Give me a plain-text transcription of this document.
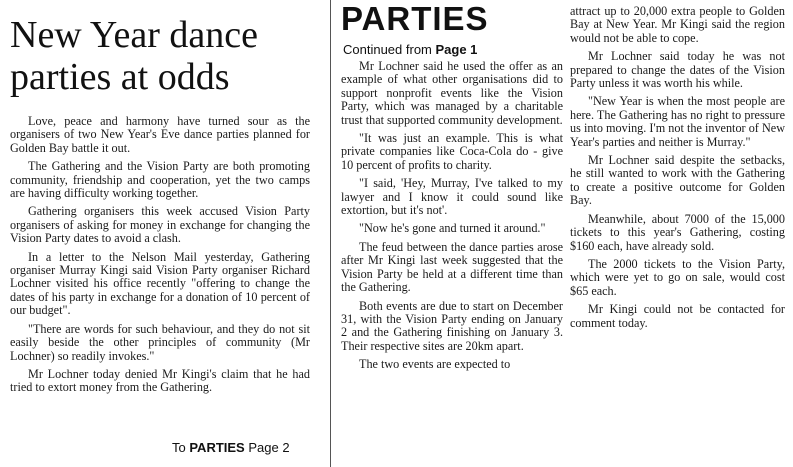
New Year dance
parties at odds

Love, peace and harmony have turned sour as the organisers of two New Year's Eve dance parties planned for Golden Bay battle it out.

The Gathering and the Vision Party are both promoting community, friendship and cooperation, yet the two camps are having difficulty working together.

Gathering organisers this week accused Vision Party organisers of asking for money in exchange for changing the Vision Party dates to avoid a clash.

In a letter to the Nelson Mail yesterday, Gathering organiser Murray Kingi said Vision Party organiser Richard Lochner visited his office recently "offering to change the dates of his party in exchange for a donation of 10 percent of our budget".

"There are words for such behaviour, and they do not sit easily beside the other principles of community (Mr Lochner) so readily invokes."

Mr Lochner today denied Mr Kingi's claim that he had tried to extort money from the Gathering.

To PARTIES Page 2
PARTIES
Continued from Page 1

Mr Lochner said he used the offer as an example of what other organisations did to support nonprofit events like the Vision Party, which was managed by a charitable trust that supported community development.

"It was just an example. This is what private companies like Coca-Cola do - give 10 percent of profits to charity.

"I said, 'Hey, Murray, I've talked to my lawyer and I know it could sound like extortion, but it's not'.

"Now he's gone and turned it around."

The feud between the dance parties arose after Mr Kingi last week suggested that the Vision Party be held at a different time than the Gathering.

Both events are due to start on December 31, with the Vision Party ending on January 2 and the Gathering finishing on January 3. Their respective sites are 20km apart.

The two events are expected to

attract up to 20,000 extra people to Golden Bay at New Year. Mr Kingi said the region would not be able to cope.

Mr Lochner said today he was not prepared to change the dates of the Vision Party unless it was worth his while.

"New Year is when the most people are here. The Gathering has no right to pressure us into moving. I'm not the inventor of New Year's parties and neither is Murray."

Mr Lochner said despite the setbacks, he still wanted to work with the Gathering to create a positive outcome for Golden Bay.

Meanwhile, about 7000 of the 15,000 tickets to this year's Gathering, costing $160 each, have already sold.

The 2000 tickets to the Vision Party, which were yet to go on sale, would cost $65 each.

Mr Kingi could not be contacted for comment today.
